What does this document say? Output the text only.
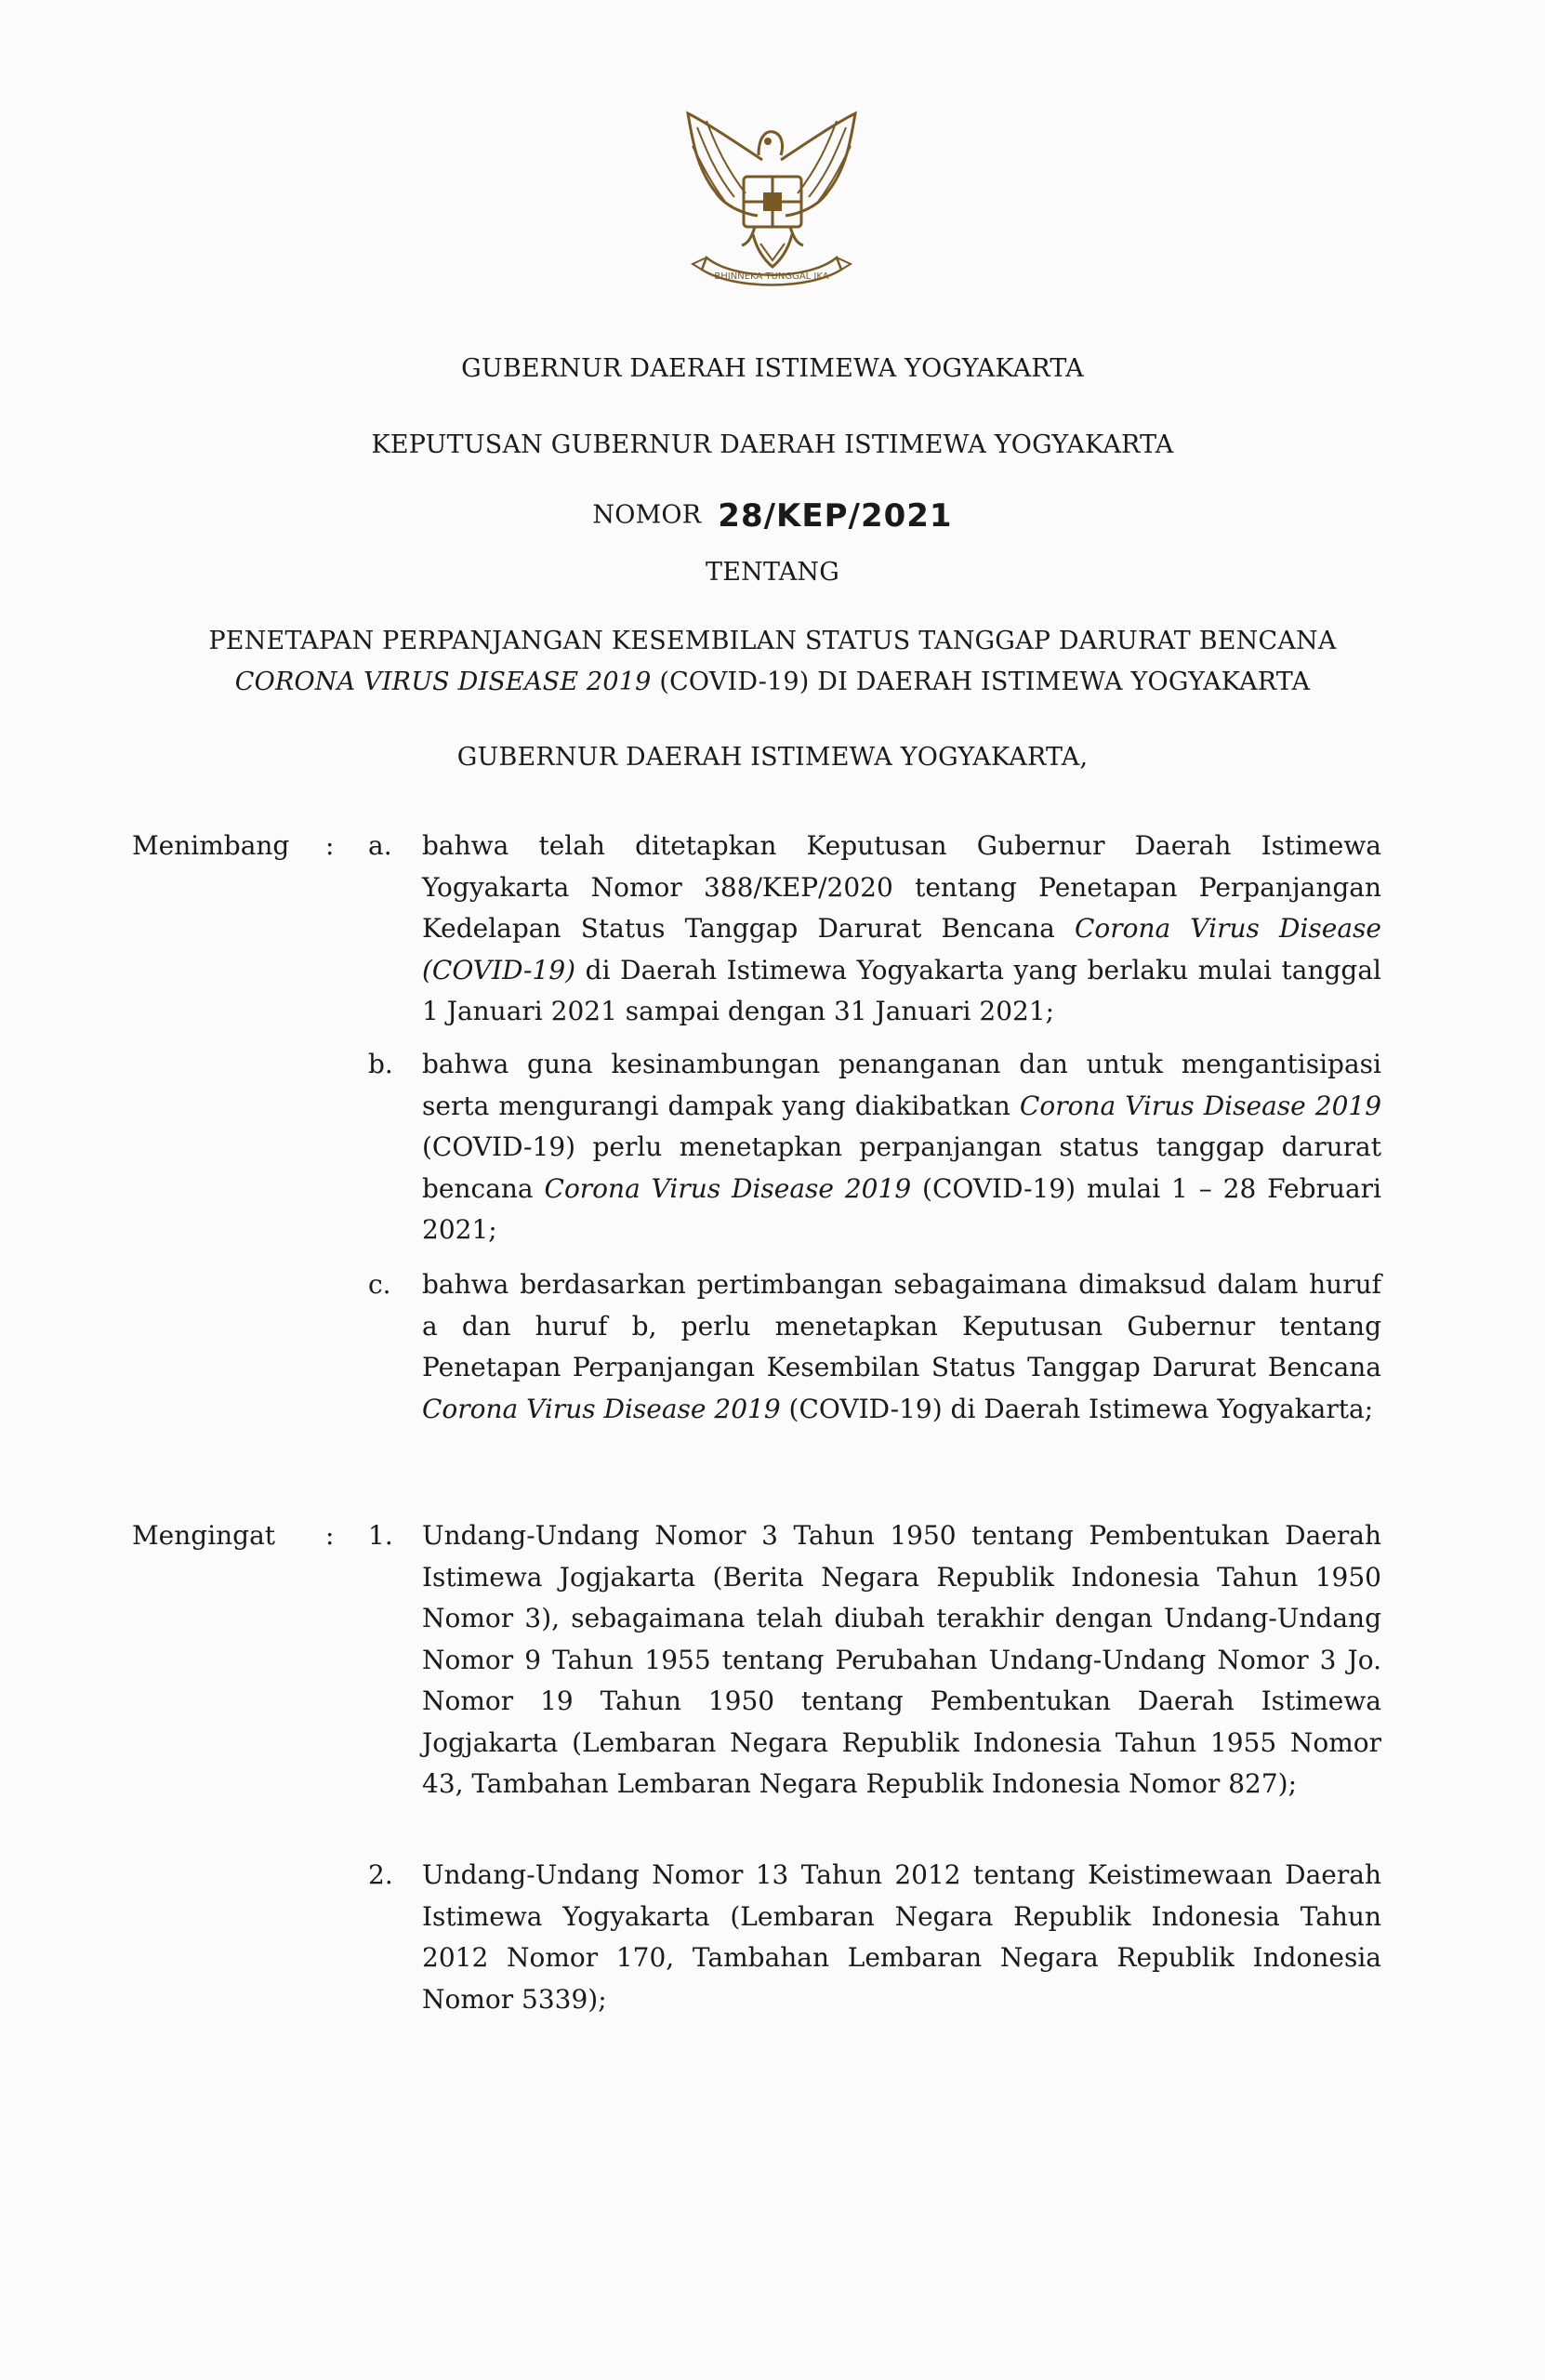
BHINNEKA TUNGGAL IKA
GUBERNUR DAERAH ISTIMEWA YOGYAKARTA
KEPUTUSAN GUBERNUR DAERAH ISTIMEWA YOGYAKARTA
NOMOR 28/KEP/2021
TENTANG
PENETAPAN PERPANJANGAN KESEMBILAN STATUS TANGGAP DARURAT BENCANA
CORONA VIRUS DISEASE 2019 (COVID-19) DI DAERAH ISTIMEWA YOGYAKARTA
GUBERNUR DAERAH ISTIMEWA YOGYAKARTA,
Menimbang : a.	bahwa telah ditetapkan Keputusan Gubernur Daerah Istimewa Yogyakarta Nomor 388/KEP/2020 tentang Penetapan Perpanjangan Kedelapan Status Tanggap Darurat Bencana Corona Virus Disease (COVID-19) di Daerah Istimewa Yogyakarta yang berlaku mulai tanggal 1 Januari 2021 sampai dengan 31 Januari 2021;
b.	bahwa guna kesinambungan penanganan dan untuk mengantisipasi serta mengurangi dampak yang diakibatkan Corona Virus Disease 2019 (COVID-19) perlu menetapkan perpanjangan status tanggap darurat bencana Corona Virus Disease 2019 (COVID-19) mulai 1 – 28 Februari 2021;
c.	bahwa berdasarkan pertimbangan sebagaimana dimaksud dalam huruf a dan huruf b, perlu menetapkan Keputusan Gubernur tentang Penetapan Perpanjangan Kesembilan Status Tanggap Darurat Bencana Corona Virus Disease 2019 (COVID-19) di Daerah Istimewa Yogyakarta;
Mengingat : 1.	Undang-Undang Nomor 3 Tahun 1950 tentang Pembentukan Daerah Istimewa Jogjakarta (Berita Negara Republik Indonesia Tahun 1950 Nomor 3), sebagaimana telah diubah terakhir dengan Undang-Undang Nomor 9 Tahun 1955 tentang Perubahan Undang-Undang Nomor 3 Jo. Nomor 19 Tahun 1950 tentang Pembentukan Daerah Istimewa Jogjakarta (Lembaran Negara Republik Indonesia Tahun 1955 Nomor 43, Tambahan Lembaran Negara Republik Indonesia Nomor 827);
2.	Undang-Undang Nomor 13 Tahun 2012 tentang Keistimewaan Daerah Istimewa Yogyakarta (Lembaran Negara Republik Indonesia Tahun 2012 Nomor 170, Tambahan Lembaran Negara Republik Indonesia Nomor 5339);
